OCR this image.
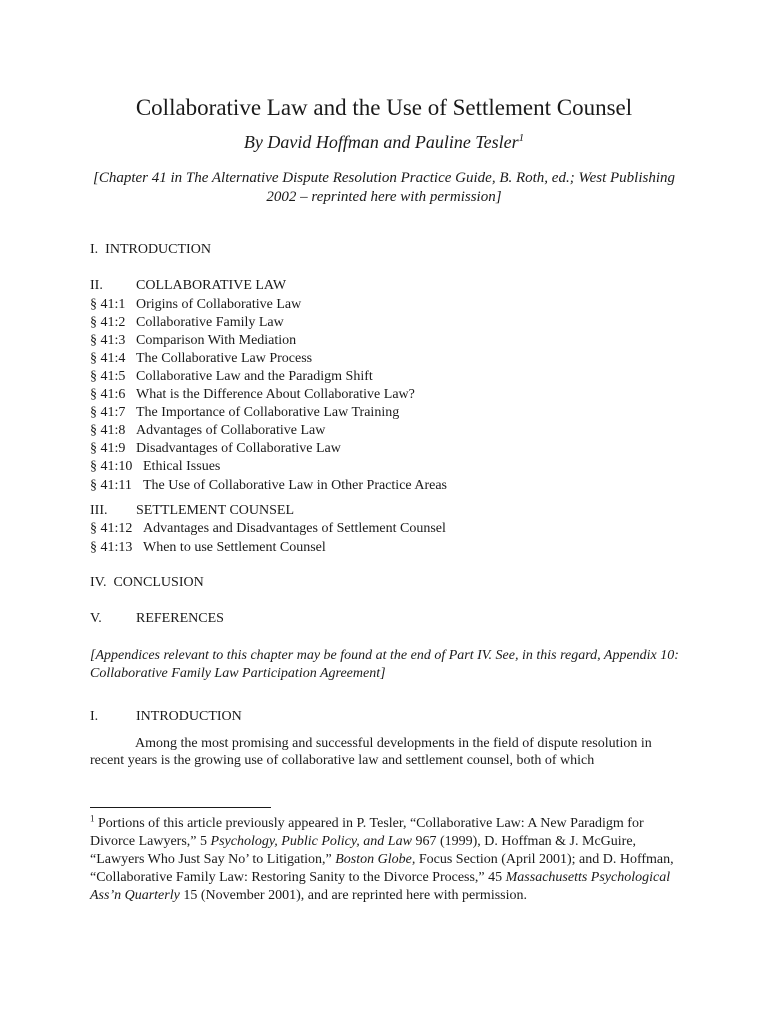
Collaborative Law and the Use of Settlement Counsel
By David Hoffman and Pauline Tesler$^1$
[Chapter 41 in The Alternative Dispute Resolution Practice Guide, B. Roth, ed.; West Publishing 2002 – reprinted here with permission]
I. INTRODUCTION
II. COLLABORATIVE LAW
§ 41:1 Origins of Collaborative Law
§ 41:2 Collaborative Family Law
§ 41:3 Comparison With Mediation
§ 41:4 The Collaborative Law Process
§ 41:5 Collaborative Law and the Paradigm Shift
§ 41:6 What is the Difference About Collaborative Law?
§ 41:7 The Importance of Collaborative Law Training
§ 41:8 Advantages of Collaborative Law
§ 41:9 Disadvantages of Collaborative Law
§ 41:10 Ethical Issues
§ 41:11 The Use of Collaborative Law in Other Practice Areas
III. SETTLEMENT COUNSEL
§ 41:12 Advantages and Disadvantages of Settlement Counsel
§ 41:13 When to use Settlement Counsel
IV. CONCLUSION
V. REFERENCES
[Appendices relevant to this chapter may be found at the end of Part IV. See, in this regard, Appendix 10: Collaborative Family Law Participation Agreement]
I.	INTRODUCTION
Among the most promising and successful developments in the field of dispute resolution in recent years is the growing use of collaborative law and settlement counsel, both of which
$^1$ Portions of this article previously appeared in P. Tesler, “Collaborative Law: A New Paradigm for Divorce Lawyers,” 5 Psychology, Public Policy, and Law 967 (1999), D. Hoffman & J. McGuire, “Lawyers Who Just Say No’ to Litigation,” Boston Globe, Focus Section (April 2001); and D. Hoffman, “Collaborative Family Law: Restoring Sanity to the Divorce Process,” 45 Massachusetts Psychological Ass’n Quarterly 15 (November 2001), and are reprinted here with permission.
